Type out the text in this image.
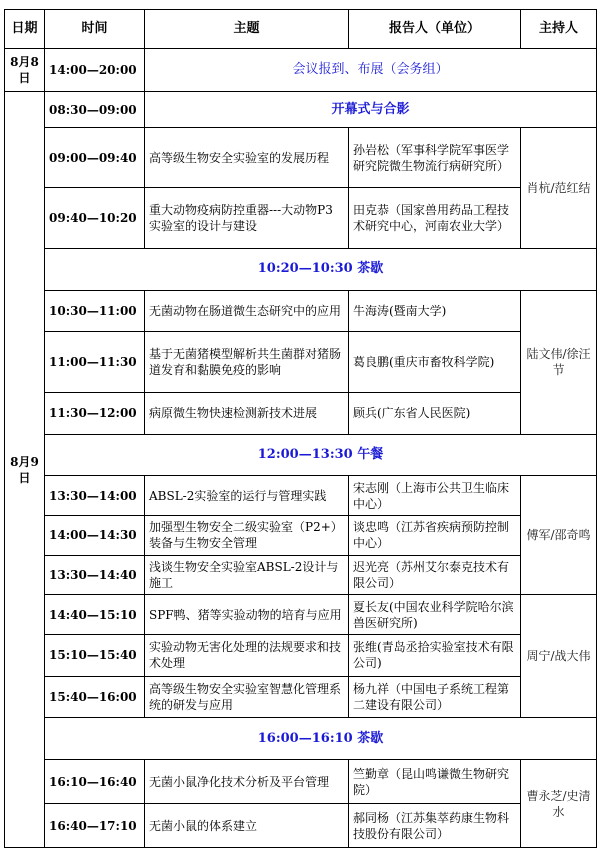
日期	时间	主题	报告人（单位）	主持人
8月8日	14:00—20:00	会议报到、布展（会务组）		
8月9日	08:30—09:00	开幕式与合影		
	09:00—09:40	高等级生物安全实验室的发展历程	孙岩松（军事科学院军事医学研究院微生物流行病研究所）	肖杭/范红结
	09:40—10:20	重大动物疫病防控重器---大动物P3实验室的设计与建设	田克恭（国家兽用药品工程技术研究中心，河南农业大学）	
	10:20—10:30 茶歇			
	10:30—11:00	无菌动物在肠道微生态研究中的应用	牛海涛(暨南大学)	陆文伟/徐汪节
	11:00—11:30	基于无菌猪模型解析共生菌群对猪肠道发育和黏膜免疫的影响	葛良鹏(重庆市畜牧科学院)	
	11:30—12:00	病原微生物快速检测新技术进展	顾兵(广东省人民医院)	
	12:00—13:30 午餐			
	13:30—14:00	ABSL-2实验室的运行与管理实践	宋志刚（上海市公共卫生临床中心）	傅军/邵奇鸣
	14:00—14:30	加强型生物安全二级实验室（P2+）装备与生物安全管理	谈忠鸣（江苏省疾病预防控制中心）	
	13:30—14:40	浅谈生物安全实验室ABSL-2设计与施工	迟光亮（苏州艾尔泰克技术有限公司）	
	14:40—15:10	SPF鸭、猪等实验动物的培育与应用	夏长友(中国农业科学院哈尔滨兽医研究所)	周宁/战大伟
	15:10—15:40	实验动物无害化处理的法规要求和技术处理	张维(青岛丞拾实验室技术有限公司)	
	15:40—16:00	高等级生物安全实验室智慧化管理系统的研发与应用	杨九祥（中国电子系统工程第二建设有限公司）	
	16:00—16:10 茶歇			
	16:10—16:40	无菌小鼠净化技术分析及平台管理	竺勤章（昆山鸣谦微生物研究院）	曹永芝/史清水
	16:40—17:10	无菌小鼠的体系建立	郝同杨（江苏集萃药康生物科技股份有限公司）	
